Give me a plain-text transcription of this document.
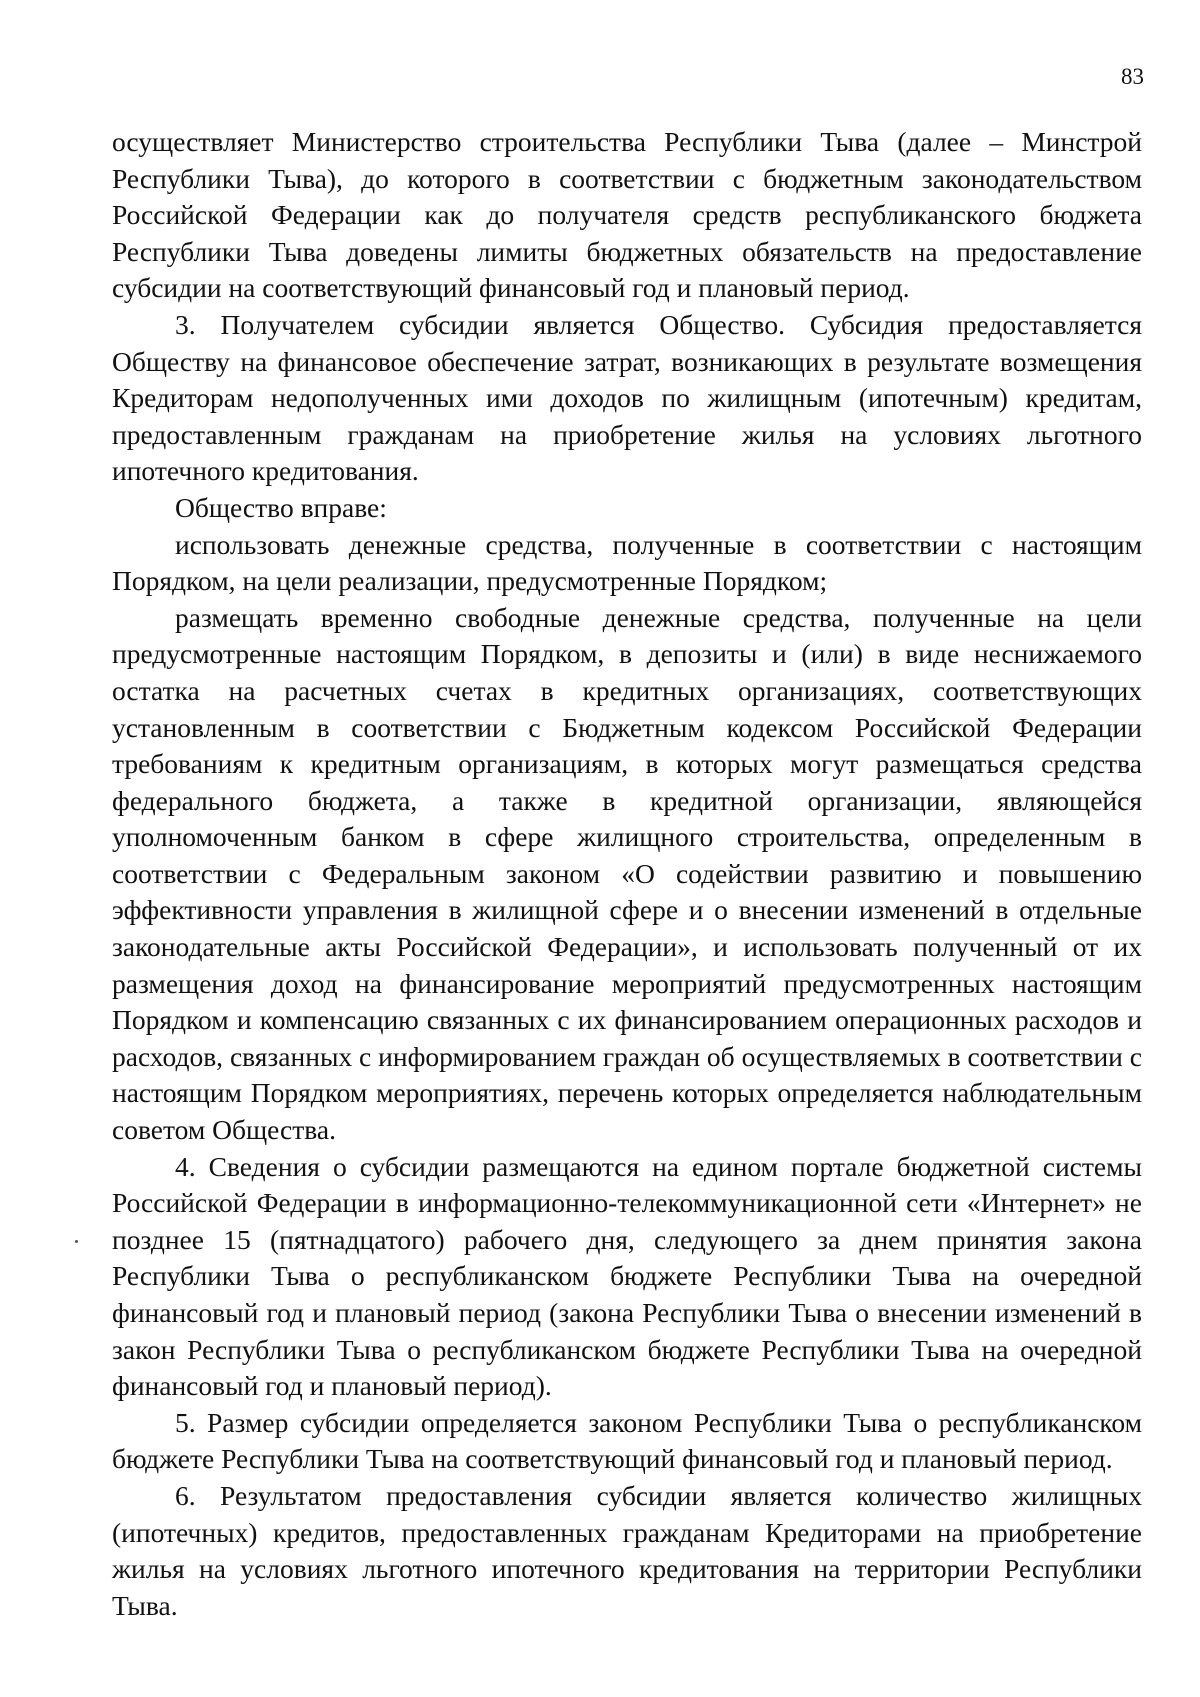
83

осуществляет Министерство строительства Республики Тыва (далее – Минстрой Республики Тыва), до которого в соответствии с бюджетным законодательством Российской Федерации как до получателя средств республиканского бюджета Республики Тыва доведены лимиты бюджетных обязательств на предоставление субсидии на соответствующий финансовый год и плановый период.

3. Получателем субсидии является Общество. Субсидия предоставляется Обществу на финансовое обеспечение затрат, возникающих в результате возмещения Кредиторам недополученных ими доходов по жилищным (ипотечным) кредитам, предоставленным гражданам на приобретение жилья на условиях льготного ипотечного кредитования.

Общество вправе:

использовать денежные средства, полученные в соответствии с настоящим Порядком, на цели реализации, предусмотренные Порядком;

размещать временно свободные денежные средства, полученные на цели предусмотренные настоящим Порядком, в депозиты и (или) в виде неснижаемого остатка на расчетных счетах в кредитных организациях, соответствующих установленным в соответствии с Бюджетным кодексом Российской Федерации требованиям к кредитным организациям, в которых могут размещаться средства федерального бюджета, а также в кредитной организации, являющейся уполномоченным банком в сфере жилищного строительства, определенным в соответствии с Федеральным законом «О содействии развитию и повышению эффективности управления в жилищной сфере и о внесении изменений в отдельные законодательные акты Российской Федерации», и использовать полученный от их размещения доход на финансирование мероприятий предусмотренных настоящим Порядком и компенсацию связанных с их финансированием операционных расходов и расходов, связанных с информированием граждан об осуществляемых в соответствии с настоящим Порядком мероприятиях, перечень которых определяется наблюдательным советом Общества.

4. Сведения о субсидии размещаются на едином портале бюджетной системы Российской Федерации в информационно-телекоммуникационной сети «Интернет» не позднее 15 (пятнадцатого) рабочего дня, следующего за днем принятия закона Республики Тыва о республиканском бюджете Республики Тыва на очередной финансовый год и плановый период (закона Республики Тыва о внесении изменений в закон Республики Тыва о республиканском бюджете Республики Тыва на очередной финансовый год и плановый период).

5. Размер субсидии определяется законом Республики Тыва о республиканском бюджете Республики Тыва на соответствующий финансовый год и плановый период.

6. Результатом предоставления субсидии является количество жилищных (ипотечных) кредитов, предоставленных гражданам Кредиторами на приобретение жилья на условиях льготного ипотечного кредитования на территории Республики Тыва.
